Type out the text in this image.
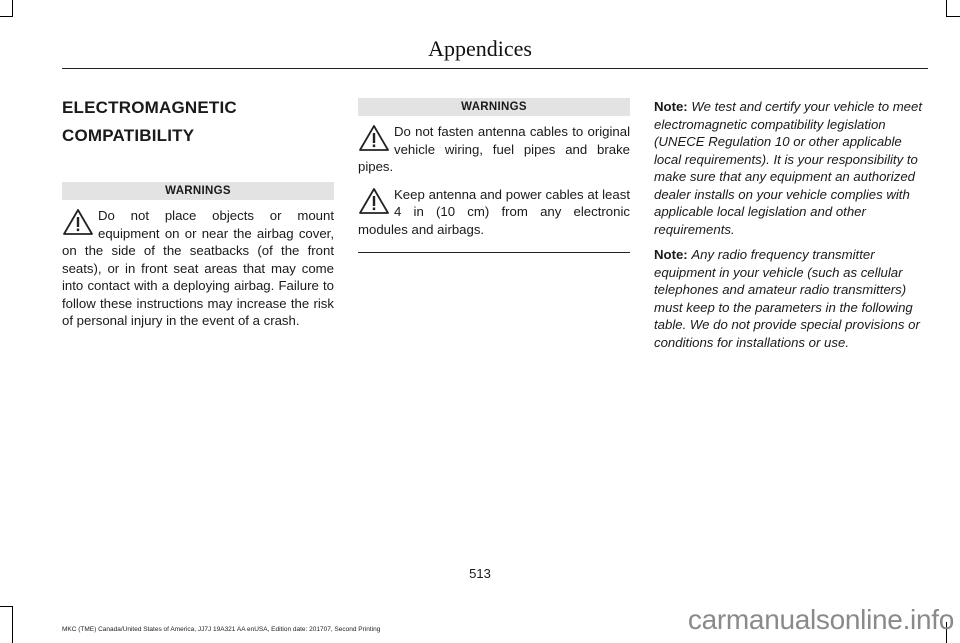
Appendices
ELECTROMAGNETIC
COMPATIBILITY
WARNINGS
Do not place objects or mount equipment on or near the airbag cover, on the side of the seatbacks (of the front seats), or in front seat areas that may come into contact with a deploying airbag. Failure to follow these instructions may increase the risk of personal injury in the event of a crash.
WARNINGS
Do not fasten antenna cables to original vehicle wiring, fuel pipes and brake pipes.
Keep antenna and power cables at least 4 in (10 cm) from any electronic modules and airbags.

Note: We test and certify your vehicle to meet electromagnetic compatibility legislation (UNECE Regulation 10 or other applicable local requirements). It is your responsibility to make sure that any equipment an authorized dealer installs on your vehicle complies with applicable local legislation and other requirements.

Note: Any radio frequency transmitter equipment in your vehicle (such as cellular telephones and amateur radio transmitters) must keep to the parameters in the following table. We do not provide special provisions or conditions for installations or use.

513
MKC (TME) Canada/United States of America, JJ7J 19A321 AA enUSA, Edition date: 201707, Second Printing	carmanualsonline.info
